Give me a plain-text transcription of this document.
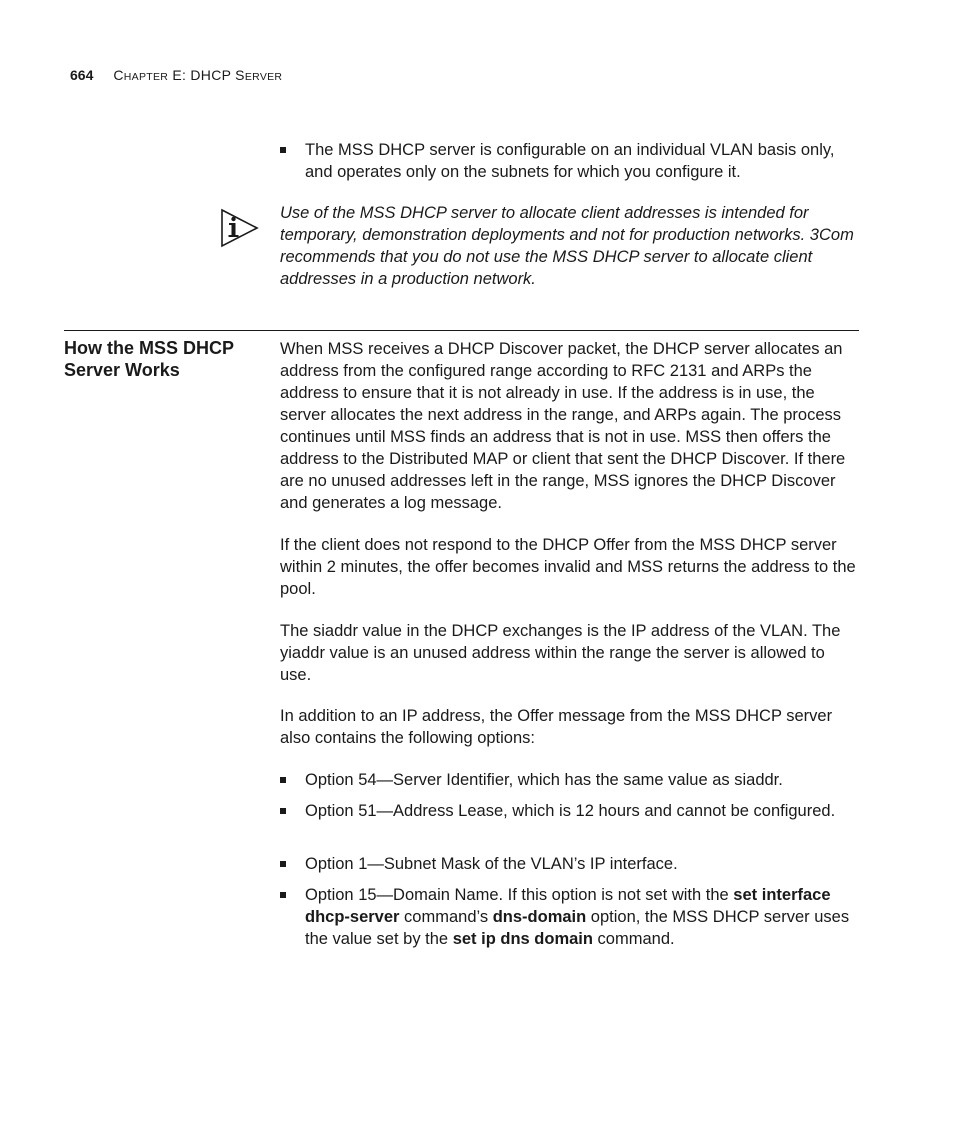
664 CHAPTER E: DHCP SERVER
The MSS DHCP server is configurable on an individual VLAN basis only, and operates only on the subnets for which you configure it.
Use of the MSS DHCP server to allocate client addresses is intended for temporary, demonstration deployments and not for production networks. 3Com recommends that you do not use the MSS DHCP server to allocate client addresses in a production network.
How the MSS DHCP Server Works

When MSS receives a DHCP Discover packet, the DHCP server allocates an address from the configured range according to RFC 2131 and ARPs the address to ensure that it is not already in use. If the address is in use, the server allocates the next address in the range, and ARPs again. The process continues until MSS finds an address that is not in use. MSS then offers the address to the Distributed MAP or client that sent the DHCP Discover. If there are no unused addresses left in the range, MSS ignores the DHCP Discover and generates a log message.

If the client does not respond to the DHCP Offer from the MSS DHCP server within 2 minutes, the offer becomes invalid and MSS returns the address to the pool.

The siaddr value in the DHCP exchanges is the IP address of the VLAN. The yiaddr value is an unused address within the range the server is allowed to use.

In addition to an IP address, the Offer message from the MSS DHCP server also contains the following options:

Option 54—Server Identifier, which has the same value as siaddr.
Option 51—Address Lease, which is 12 hours and cannot be configured.
Option 1—Subnet Mask of the VLAN’s IP interface.
Option 15—Domain Name. If this option is not set with the set interface dhcp-server command’s dns-domain option, the MSS DHCP server uses the value set by the set ip dns domain command.
